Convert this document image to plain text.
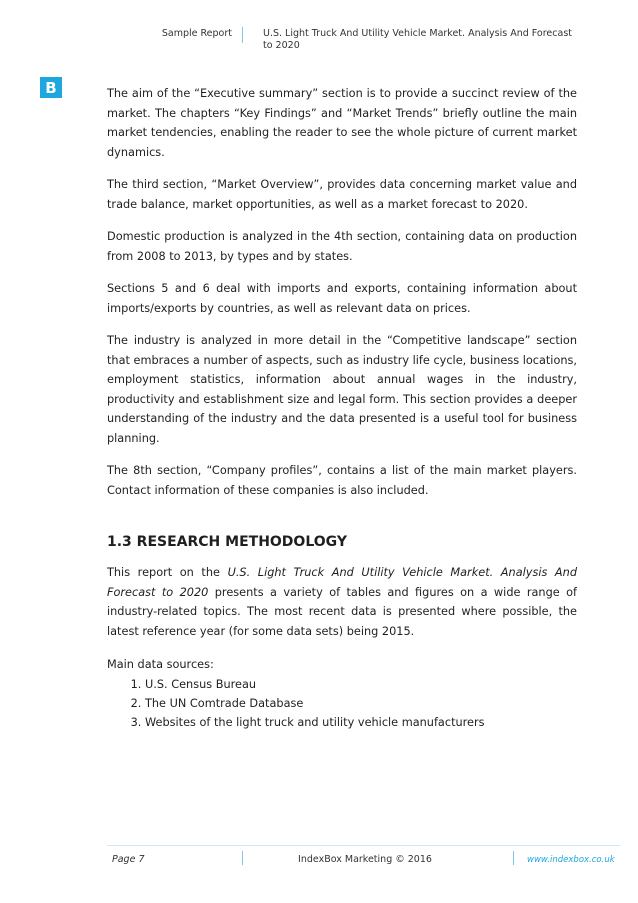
Sample Report	U.S. Light Truck And Utility Vehicle Market. Analysis And Forecast to 2020
B	The aim of the “Executive summary” section is to provide a succinct review of the market. The chapters “Key Findings” and “Market Trends” briefly outline the main market tendencies, enabling the reader to see the whole picture of current market dynamics.

The third section, “Market Overview”, provides data concerning market value and trade balance, market opportunities, as well as a market forecast to 2020.

Domestic production is analyzed in the 4th section, containing data on production from 2008 to 2013, by types and by states.

Sections 5 and 6 deal with imports and exports, containing information about imports/exports by countries, as well as relevant data on prices.

The industry is analyzed in more detail in the “Competitive landscape” section that embraces a number of aspects, such as industry life cycle, business locations, employment statistics, information about annual wages in the industry, productivity and establishment size and legal form. This section provides a deeper understanding of the industry and the data presented is a useful tool for business planning.

The 8th section, “Company profiles”, contains a list of the main market players. Contact information of these companies is also included.

1.3 RESEARCH METHODOLOGY

This report on the U.S. Light Truck And Utility Vehicle Market. Analysis And Forecast to 2020 presents a variety of tables and figures on a wide range of industry-related topics. The most recent data is presented where possible, the latest reference year (for some data sets) being 2015.

Main data sources:
1. U.S. Census Bureau
2. The UN Comtrade Database
3. Websites of the light truck and utility vehicle manufacturers
Page 7	IndexBox Marketing © 2016	www.indexbox.co.uk
